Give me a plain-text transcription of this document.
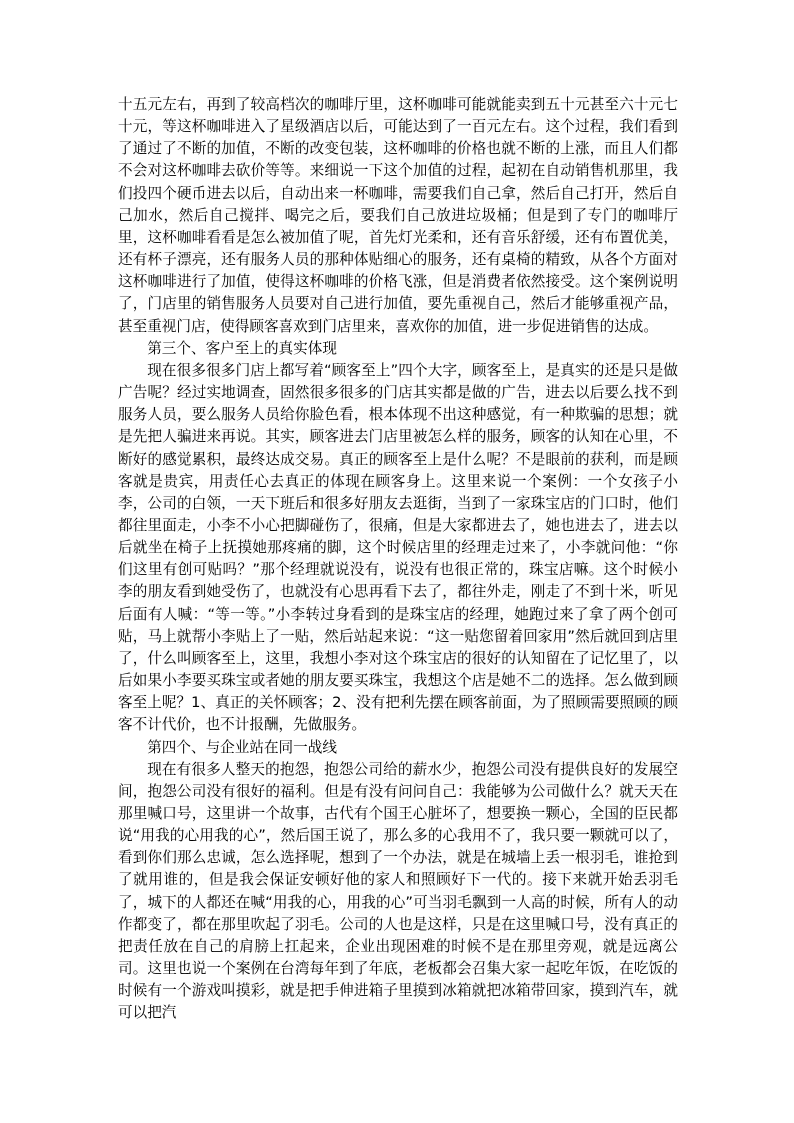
十五元左右，再到了较高档次的咖啡厅里，这杯咖啡可能就能卖到五十元甚至六十元七十元，等这杯咖啡进入了星级酒店以后，可能达到了一百元左右。这个过程，我们看到了通过了不断的加值，不断的改变包装，这杯咖啡的价格也就不断的上涨，而且人们都不会对这杯咖啡去砍价等等。来细说一下这个加值的过程，起初在自动销售机那里，我们投四个硬币进去以后，自动出来一杯咖啡，需要我们自己拿，然后自己打开，然后自己加水，然后自己搅拌、喝完之后，要我们自己放进垃圾桶；但是到了专门的咖啡厅里，这杯咖啡看看是怎么被加值了呢，首先灯光柔和，还有音乐舒缓，还有布置优美，还有杯子漂亮，还有服务人员的那种体贴细心的服务，还有桌椅的精致，从各个方面对这杯咖啡进行了加值，使得这杯咖啡的价格飞涨，但是消费者依然接受。这个案例说明了，门店里的销售服务人员要对自己进行加值，要先重视自己，然后才能够重视产品，甚至重视门店，使得顾客喜欢到门店里来，喜欢你的加值，进一步促进销售的达成。

第三个、客户至上的真实体现

现在很多很多门店上都写着“顾客至上”四个大字，顾客至上，是真实的还是只是做广告呢？经过实地调查，固然很多很多的门店其实都是做的广告，进去以后要么找不到服务人员，要么服务人员给你脸色看，根本体现不出这种感觉，有一种欺骗的思想；就是先把人骗进来再说。其实，顾客进去门店里被怎么样的服务，顾客的认知在心里，不断好的感觉累积，最终达成交易。真正的顾客至上是什么呢？不是眼前的获利，而是顾客就是贵宾，用责任心去真正的体现在顾客身上。这里来说一个案例：一个女孩子小李，公司的白领，一天下班后和很多好朋友去逛街，当到了一家珠宝店的门口时，他们都往里面走，小李不小心把脚碰伤了，很痛，但是大家都进去了，她也进去了，进去以后就坐在椅子上抚摸她那疼痛的脚，这个时候店里的经理走过来了，小李就问他：“你们这里有创可贴吗？”那个经理就说没有，说没有也很正常的，珠宝店嘛。这个时候小李的朋友看到她受伤了，也就没有心思再看下去了，都往外走，刚走了不到十米，听见后面有人喊：“等一等。”小李转过身看到的是珠宝店的经理，她跑过来了拿了两个创可贴，马上就帮小李贴上了一贴，然后站起来说：“这一贴您留着回家用”然后就回到店里了，什么叫顾客至上，这里，我想小李对这个珠宝店的很好的认知留在了记忆里了，以后如果小李要买珠宝或者她的朋友要买珠宝，我想这个店是她不二的选择。怎么做到顾客至上呢？1、真正的关怀顾客；2、没有把利先摆在顾客前面，为了照顾需要照顾的顾客不计代价，也不计报酬，先做服务。

第四个、与企业站在同一战线

现在有很多人整天的抱怨，抱怨公司给的薪水少，抱怨公司没有提供良好的发展空间，抱怨公司没有很好的福利。但是有没有问问自己：我能够为公司做什么？就天天在那里喊口号，这里讲一个故事，古代有个国王心脏坏了，想要换一颗心，全国的臣民都说“用我的心用我的心”，然后国王说了，那么多的心我用不了，我只要一颗就可以了，看到你们那么忠诚，怎么选择呢，想到了一个办法，就是在城墙上丢一根羽毛，谁抢到了就用谁的，但是我会保证安顿好他的家人和照顾好下一代的。接下来就开始丢羽毛了，城下的人都还在喊“用我的心，用我的心”可当羽毛飘到一人高的时候，所有人的动作都变了，都在那里吹起了羽毛。公司的人也是这样，只是在这里喊口号，没有真正的把责任放在自己的肩膀上扛起来，企业出现困难的时候不是在那里旁观，就是远离公司。这里也说一个案例在台湾每年到了年底，老板都会召集大家一起吃年饭，在吃饭的时候有一个游戏叫摸彩，就是把手伸进箱子里摸到冰箱就把冰箱带回家，摸到汽车，就可以把汽
